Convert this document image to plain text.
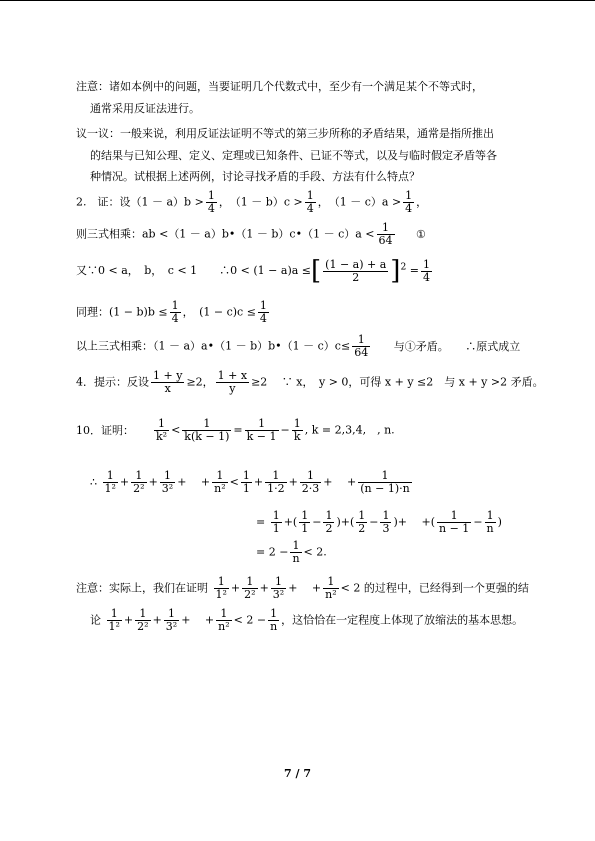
注意：诸如本例中的问题，当要证明几个代数式中，至少有一个满足某个不等式时，
通常采用反证法进行。
议一议：一般来说，利用反证法证明不等式的第三步所称的矛盾结果，通常是指所推出
的结果与已知公理、定义、定理或已知条件、已证不等式，以及与临时假定矛盾等各
种情况。试根据上述两例，讨论寻找矛盾的手段、方法有什么特点？
2.　证：设$(1 - a)b > \frac{1}{4}$ ，　$(1 - b)c > \frac{1}{4}$ ，　$(1 - c)a > \frac{1}{4}$ ，
则三式相乘：ab <（1 － a）b•（1 － b）c•（1 － $c)a < \frac{1}{64}$ ①
又∵0 < a，　b，　c < 1　　∴0 < (1 − a)a ≤[ $\frac{(1 - a) + a}{2} ]^2 = \frac{1}{4}$
同理：$(1 - b)b \le \frac{1}{4}$ ，　$(1 - c)c \le \frac{1}{4}$
以上三式相乘：（1 － a）a•（1 － b）b•（1 － $c)c\le \frac{1}{64}$ 与①矛盾。　　∴原式成立
4．提示：反设 $\frac{1 + y}{x} \ge 2$， $\frac{1 + x}{y} \ge 2$　 ∵ x，　y > 0，可得 x + y ≤2　与 x + y >2 矛盾。
10．证明： $\frac{1}{\text{k²}} < \frac{1}{k(k - 1)} = \frac{1}{k - 1} - \frac{1}{k}$ , k = 2,3,4,　, n.
∴ $\frac{1}{\text{1²}} + \frac{1}{\text{2²}} + \frac{1}{\text{3²}}$ +　 + $\frac{1}{\text{n²}} < \frac{1}{1} + \frac{1}{1\cdot 2} + \frac{1}{2\cdot 3}$ +　 + $\frac{1}{(n - 1)\cdot n}$
= $\frac{1}{1}$ +( $\frac{1}{1} - \frac{1}{2}$ )+( $\frac{1}{2} - \frac{1}{3}$ )+　 +( $\frac{1}{n - 1} - \frac{1}{n}$ )
= $2 - \frac{1}{n} < 2$.
注意：实际上，我们在证明 $\frac{1}{\text{1²}} + \frac{1}{\text{2²}} + \frac{1}{\text{3²}}$ +　 + $\frac{1}{\text{n²}} < 2$ 的过程中，已经得到一个更强的结
论 $\frac{1}{\text{1²}} + \frac{1}{\text{2²}} + \frac{1}{\text{3²}}$ +　 + $\frac{1}{\text{n²}} < 2 - \frac{1}{n}$ ，这恰恰在一定程度上体现了放缩法的基本思想。
7 / 7
